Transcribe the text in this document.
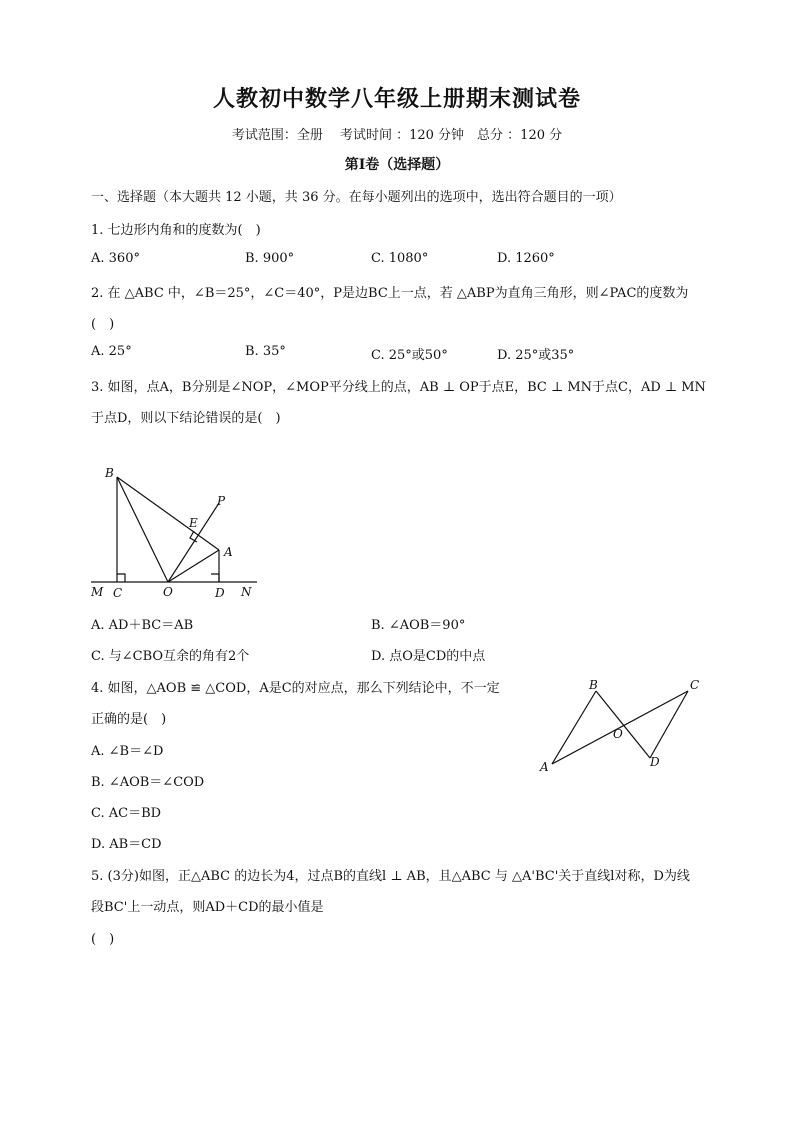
人教初中数学八年级上册期末测试卷
考试范围：全册　 考试时间 ：120 分钟　总分 ：120 分
第Ⅰ卷（选择题）
一、选择题（本大题共 12 小题，共 36 分。在每小题列出的选项中，选出符合题目的一项）
1. 七边形内角和的度数为(　)
A. 360°	B. 900°	C. 1080°	D. 1260°
2. 在 △ABC 中，∠B＝25°，∠C＝40°，P是边BC上一点，若 △ABP为直角三角形，则∠PAC的度数为
(　)
A. 25°	B. 35°	C. 25°或50°	D. 25°或35°
3. 如图，点A，B分别是∠NOP，∠MOP平分线上的点，AB ⊥ OP于点E，BC ⊥ MN于点C，AD ⊥ MN
于点D，则以下结论错误的是(　)
B
P
E
A
M C	O	D N
A. AD＋BC＝AB	B. ∠AOB＝90°
C. 与∠CBO互余的角有2个	D. 点O是CD的中点
4. 如图，△AOB ≌ △COD，A是C的对应点，那么下列结论中，不一定
正确的是(　)
A
B	C
D
O
A. ∠B＝∠D
B. ∠AOB＝∠COD
C. AC＝BD
D. AB＝CD
5. (3分)如图，正△ABC 的边长为4，过点B的直线l ⊥ AB，且△ABC 与 △A'BC'关于直线l对称，D为线
段BC'上一动点，则AD＋CD的最小值是
(　)
